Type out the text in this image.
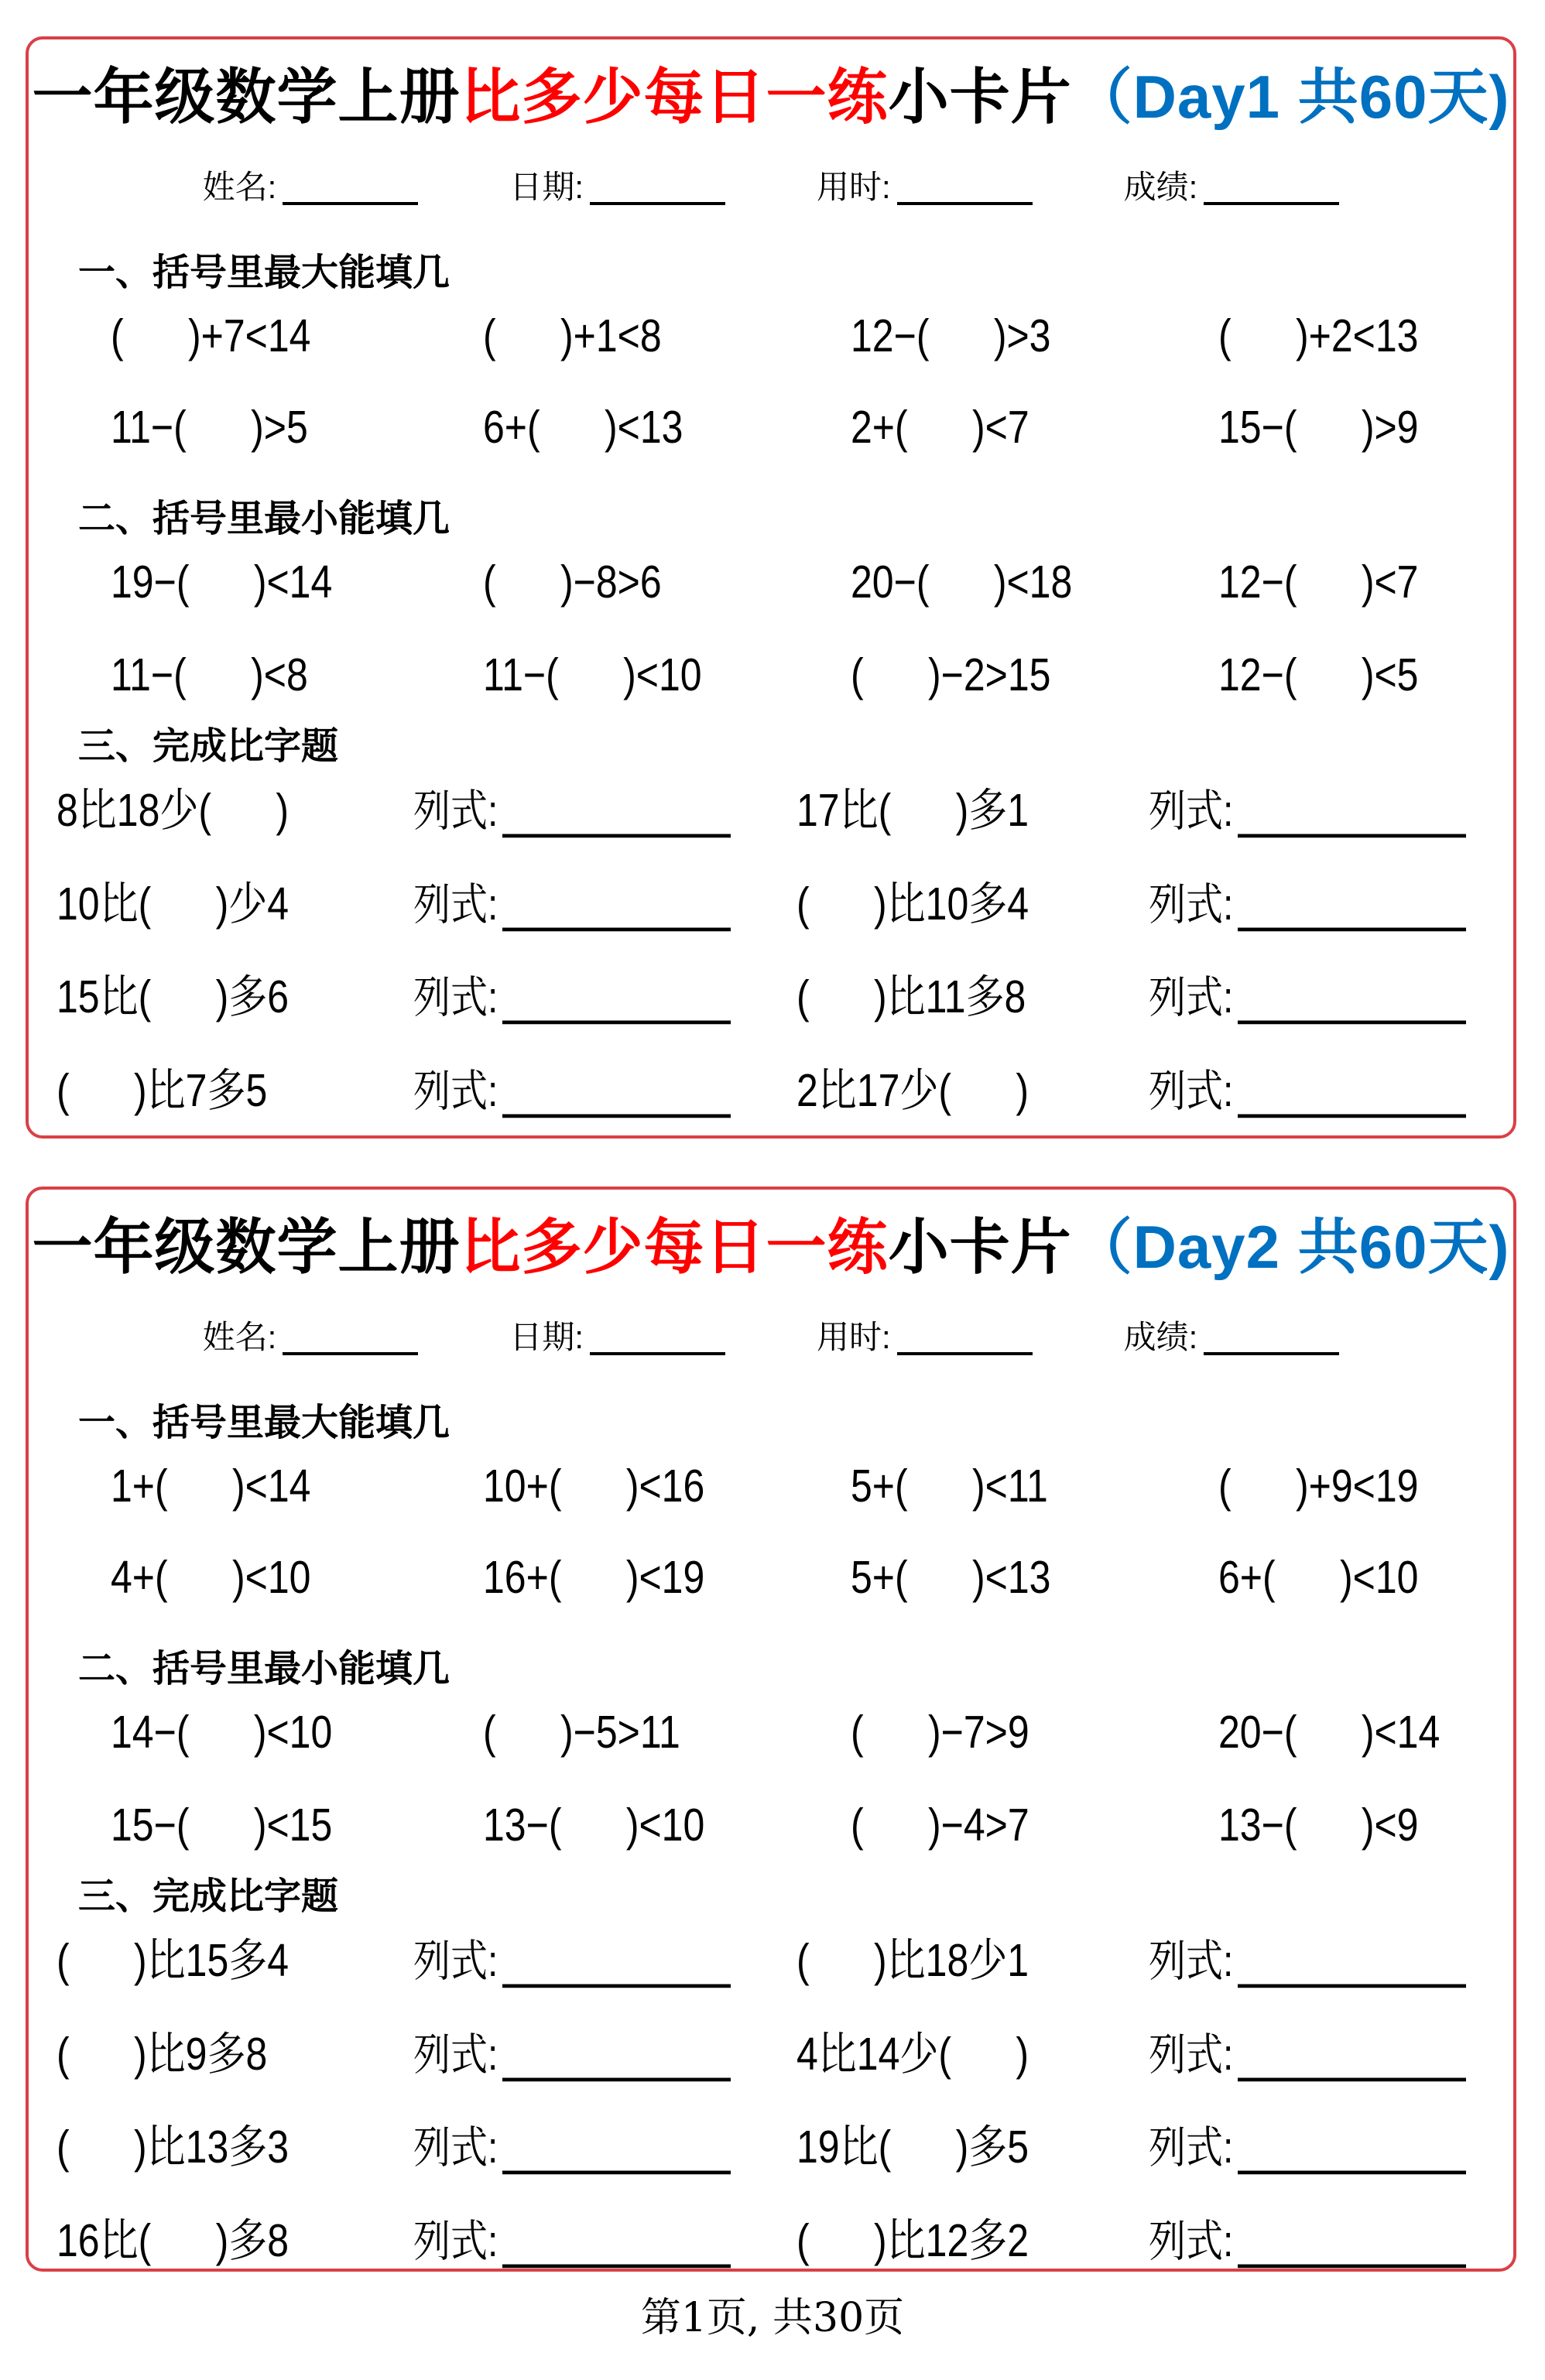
一年级数学上册比多少每日一练小卡片（Day1 共60天)
姓名:	日期:	用时:	成绩:
一、括号里最大能填几
(      )+7<14	(      )+1<8	12−(      )>3	(      )+2<13
11−(      )>5	6+(      )<13	2+(      )<7	15−(      )>9
二、括号里最小能填几
19−(      )<14	(      )−8>6	20−(      )<18	12−(      )<7
11−(      )<8	11−(      )<10	(      )−2>15	12−(      )<5
三、完成比字题
8比18少(      )	列式:	17比(      )多1	列式:
10比(      )少4	列式:	(      )比10多4	列式:
15比(      )多6	列式:	(      )比11多8	列式:
(      )比7多5	列式:	2比17少(      )	列式:
一年级数学上册比多少每日一练小卡片（Day2 共60天)
姓名:	日期:	用时:	成绩:
一、括号里最大能填几
1+(      )<14	10+(      )<16	5+(      )<11	(      )+9<19
4+(      )<10	16+(      )<19	5+(      )<13	6+(      )<10
二、括号里最小能填几
14−(      )<10	(      )−5>11	(      )−7>9	20−(      )<14
15−(      )<15	13−(      )<10	(      )−4>7	13−(      )<9
三、完成比字题
(      )比15多4	列式:	(      )比18少1	列式:
(      )比9多8	列式:	4比14少(      )	列式:
(      )比13多3	列式:	19比(      )多5	列式:
16比(      )多8	列式:	(      )比12多2	列式:
第1页, 共30页
